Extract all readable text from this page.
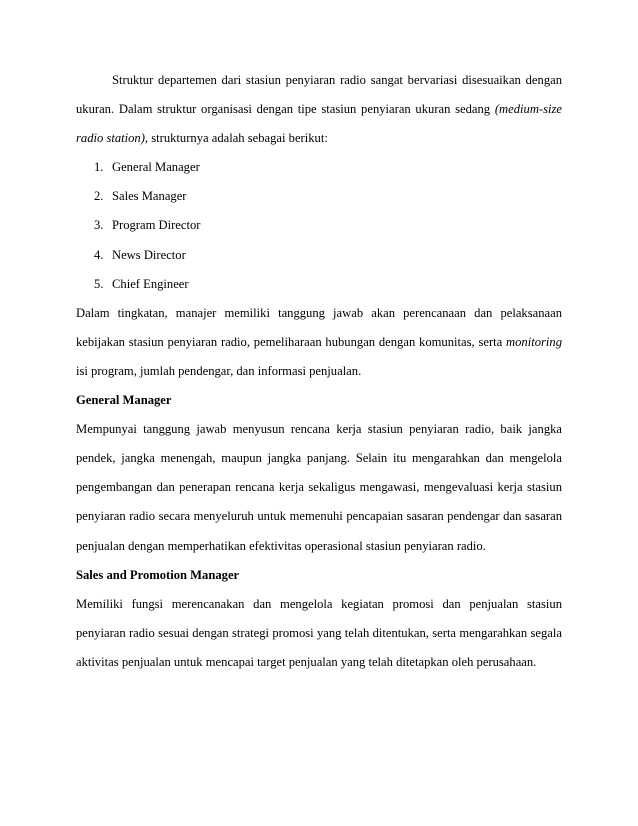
Struktur departemen dari stasiun penyiaran radio sangat bervariasi disesuaikan dengan ukuran. Dalam struktur organisasi dengan tipe stasiun penyiaran ukuran sedang (medium-size radio station), strukturnya adalah sebagai berikut:

1. General Manager
2. Sales Manager
3. Program Director
4. News Director
5. Chief Engineer

Dalam tingkatan, manajer memiliki tanggung jawab akan perencanaan dan pelaksanaan kebijakan stasiun penyiaran radio, pemeliharaan hubungan dengan komunitas, serta monitoring isi program, jumlah pendengar, dan informasi penjualan.

General Manager

Mempunyai tanggung jawab menyusun rencana kerja stasiun penyiaran radio, baik jangka pendek, jangka menengah, maupun jangka panjang. Selain itu mengarahkan dan mengelola pengembangan dan penerapan rencana kerja sekaligus mengawasi, mengevaluasi kerja stasiun penyiaran radio secara menyeluruh untuk memenuhi pencapaian sasaran pendengar dan sasaran penjualan dengan memperhatikan efektivitas operasional stasiun penyiaran radio.

Sales and Promotion Manager

Memiliki fungsi merencanakan dan mengelola kegiatan promosi dan penjualan stasiun penyiaran radio sesuai dengan strategi promosi yang telah ditentukan, serta mengarahkan segala aktivitas penjualan untuk mencapai target penjualan yang telah ditetapkan oleh perusahaan.
